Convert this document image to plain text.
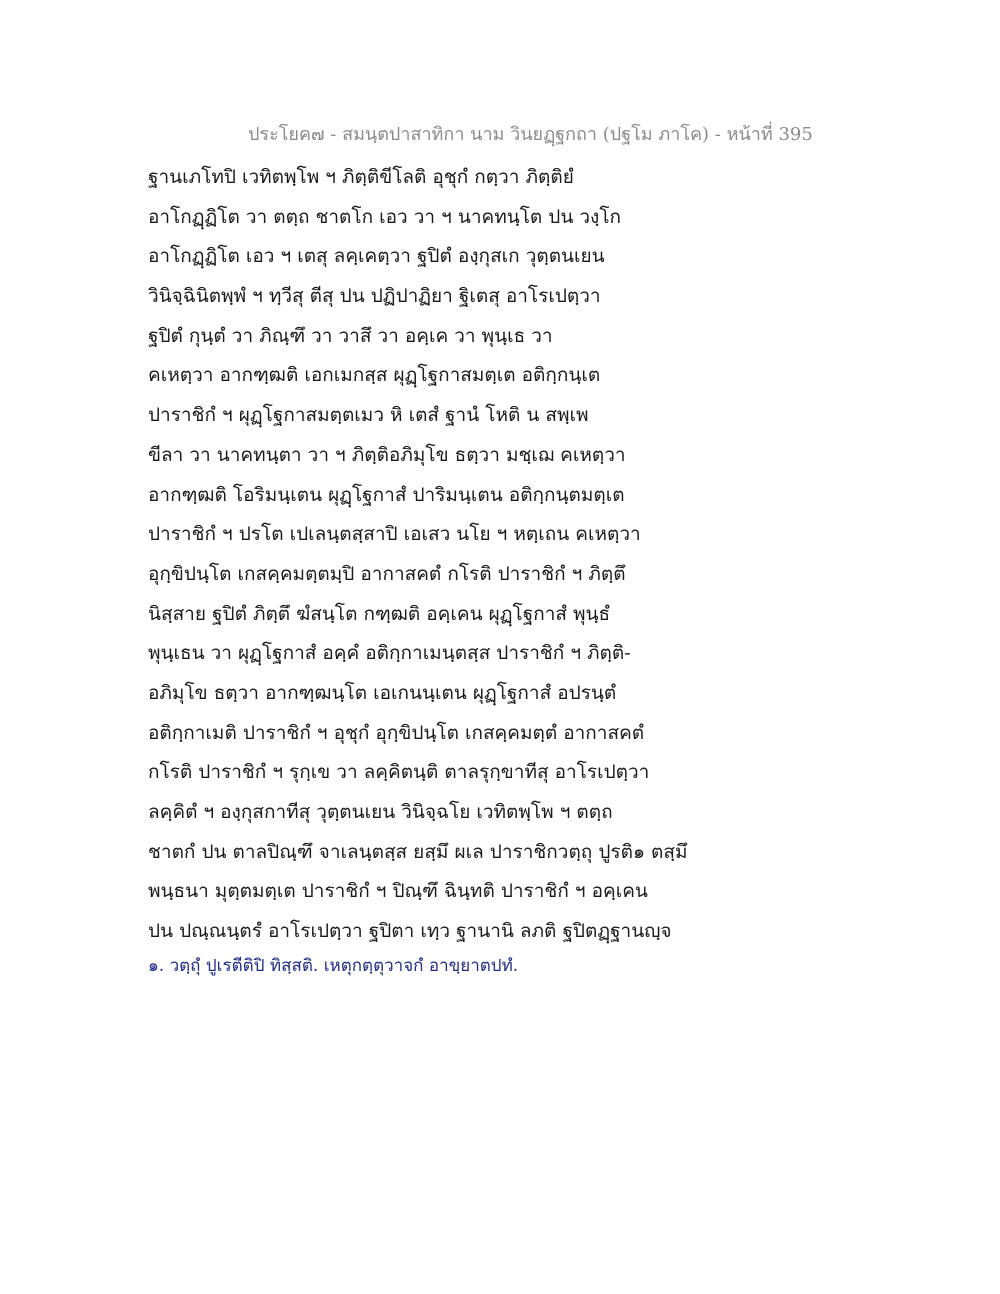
ประโยค๗ - สมนฺตปาสาทิกา นาม วินยฏฺฐกถา (ปฐโม ภาโค) - หน้าที่ 395
ฐานเภโทปิ เวทิตพฺโพ ฯ ภิตฺติขีโลติ อุชุกํ กตฺวา ภิตฺติยํ
อาโกฏฺฏิโต วา ตตฺถ ชาตโก เอว วา ฯ นาคทนฺโต ปน วงฺโก
อาโกฏฺฏิโต เอว ฯ เตสุ ลคฺเคตฺวา ฐปิตํ องฺกุสเก วุตฺตนเยน
วินิจฺฉินิตพฺพํ ฯ ทฺวีสุ ตีสุ ปน ปฏิปาฏิยา ฐิเตสุ อาโรเปตฺวา
ฐปิตํ กุนฺตํ วา ภิณฺฑึ วา วาสึ วา อคฺเค วา พุนฺเธ วา
คเหตฺวา อากฑฺฒติ เอกเมกสฺส ผุฏฺโฐกาสมตฺเต อติกฺกนฺเต
ปาราชิกํ ฯ ผุฏฺโฐกาสมตฺตเมว หิ เตสํ ฐานํ โหติ น สพฺเพ
ขีลา วา นาคทนฺตา วา ฯ ภิตฺติอภิมุโข ธตฺวา มชฺเฌ คเหตฺวา
อากฑฺฒติ โอริมนฺเตน ผุฏฺโฐกาสํ ปาริมนฺเตน อติกฺกนฺตมตฺเต
ปาราชิกํ ฯ ปรโต เปเลนฺตสฺสาปิ เอเสว นโย ฯ หตฺเถน คเหตฺวา
อุกฺขิปนฺโต เกสคฺคมตฺตมฺปิ อากาสคตํ กโรติ ปาราชิกํ ฯ ภิตฺตึ
นิสฺสาย ฐปิตํ ภิตฺตึ ฆํสนฺโต กฑฺฒติ อคฺเคน ผุฏฺโฐกาสํ พุนฺธํ
พุนฺเธน วา ผุฏฺโฐกาสํ อคฺคํ อติกฺกาเมนฺตสฺส ปาราชิกํ ฯ ภิตฺติ-
อภิมุโข ธตฺวา อากฑฺฒนฺโต เอเกนนฺเตน ผุฏฺโฐกาสํ อปรนฺตํ
อติกฺกาเมติ ปาราชิกํ ฯ อุชุกํ อุกฺขิปนฺโต เกสคฺคมตฺตํ อากาสคตํ
กโรติ ปาราชิกํ ฯ รุกฺเข วา ลคฺคิตนฺติ ตาลรุกฺขาทีสุ อาโรเปตฺวา
ลคฺคิตํ ฯ องฺกุสกาทีสุ วุตฺตนเยน วินิจฺฉโย เวทิตพฺโพ ฯ ตตฺถ
ชาตกํ ปน ตาลปิณฺฑึ จาเลนฺตสฺส ยสฺมึ ผเล ปาราชิกวตฺถุ ปูรติ๑ ตสฺมึ
พนฺธนา มุตฺตมตฺเต ปาราชิกํ ฯ ปิณฺฑึ ฉินฺทติ ปาราชิกํ ฯ อคฺเคน
ปน ปณฺณนฺตรํ อาโรเปตฺวา ฐปิตา เทฺว ฐานานิ ลภติ ฐปิตฏฺฐานญฺจ
๑. วตฺถุํ ปูเรตีติปิ ทิสฺสติ. เหตุกตฺตุวาจกํ อาขฺยาตปทํ.
